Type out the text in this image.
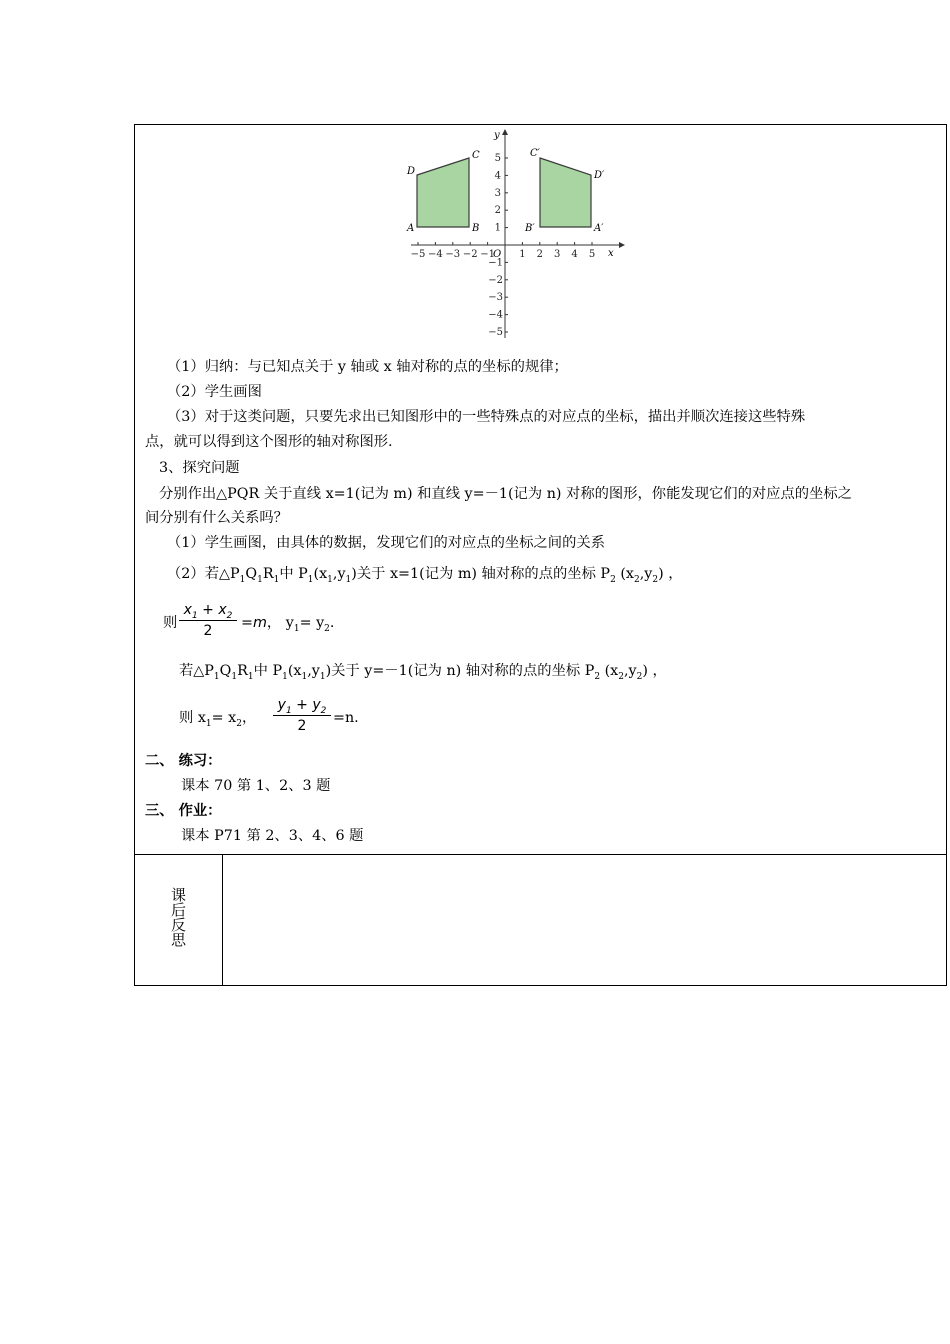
−5 −4 −3 −2 −1 1 2 3 4 5
5
4
3
2
1
−1
−2
−3
−4
−5
O	x
y
D
C
A	B
C′
D′
B′	A′
（1）归纳：与已知点关于 y 轴或 x 轴对称的点的坐标的规律；
（2）学生画图
（3）对于这类问题，只要先求出已知图形中的一些特殊点的对应点的坐标，描出并顺次连接这些特殊
点，就可以得到这个图形的轴对称图形.
3、探究问题
分别作出△PQR 关于直线 x=1(记为 m) 和直线 y=－1(记为 n) 对称的图形，你能发现它们的对应点的坐标之
间分别有什么关系吗？
（1）学生画图，由具体的数据，发现它们的对应点的坐标之间的关系
（2）若$\triangle P_1Q_1R_1$中 $P_1(x_1,y_1)$关于 x=1(记为 m) 轴对称的点的坐标 $P_2$ $(x_2,y_2)$ ，
则
$x_1 + x_2$
2	=m， $y_1= y_2$.
若$\triangle P_1Q_1R_1$中 $P_1(x_1,y_1)$关于 y=－1(记为 n) 轴对称的点的坐标 $P_2$ $(x_2,y_2)$ ，
则 $x_1= x_2$，
$y_1 + y_2$
2	=n.
二、 练习：
课本 70 第 1、2、3 题
三、 作业：
课本 P71 第 2、3、4、6 题
课后反思
